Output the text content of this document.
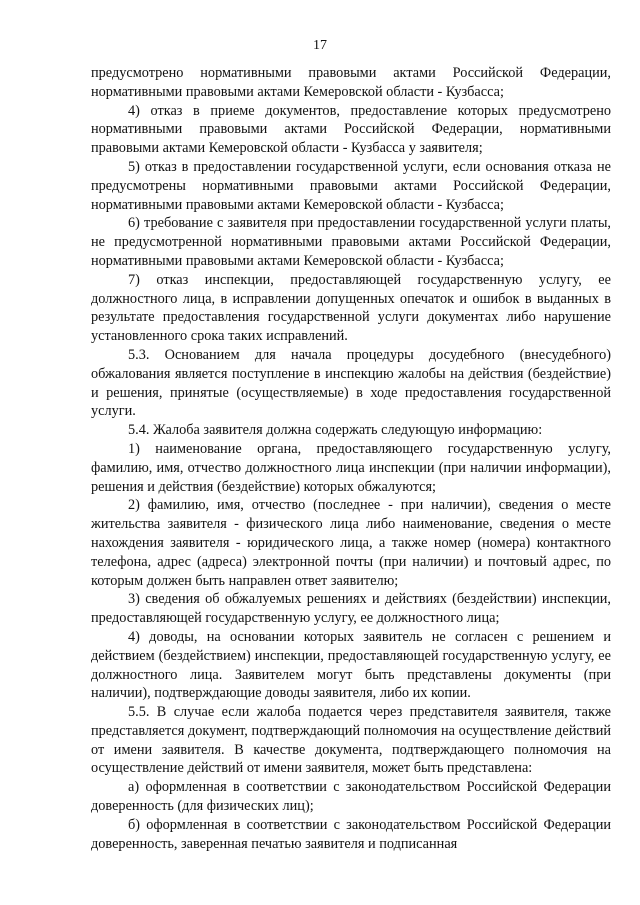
17

предусмотрено нормативными правовыми актами Российской Федерации, нормативными правовыми актами Кемеровской области - Кузбасса;

4) отказ в приеме документов, предоставление которых предусмотрено нормативными правовыми актами Российской Федерации, нормативными правовыми актами Кемеровской области - Кузбасса у заявителя;

5) отказ в предоставлении государственной услуги, если основания отказа не предусмотрены нормативными правовыми актами Российской Федерации, нормативными правовыми актами Кемеровской области - Кузбасса;

6) требование с заявителя при предоставлении государственной услуги платы, не предусмотренной нормативными правовыми актами Российской Федерации, нормативными правовыми актами Кемеровской области - Кузбасса;

7) отказ инспекции, предоставляющей государственную услугу, ее должностного лица, в исправлении допущенных опечаток и ошибок в выданных в результате предоставления государственной услуги документах либо нарушение установленного срока таких исправлений.

5.3. Основанием для начала процедуры досудебного (внесудебного) обжалования является поступление в инспекцию жалобы на действия (бездействие) и решения, принятые (осуществляемые) в ходе предоставления государственной услуги.

5.4. Жалоба заявителя должна содержать следующую информацию:

1) наименование органа, предоставляющего государственную услугу, фамилию, имя, отчество должностного лица инспекции (при наличии информации), решения и действия (бездействие) которых обжалуются;

2) фамилию, имя, отчество (последнее - при наличии), сведения о месте жительства заявителя - физического лица либо наименование, сведения о месте нахождения заявителя - юридического лица, а также номер (номера) контактного телефона, адрес (адреса) электронной почты (при наличии) и почтовый адрес, по которым должен быть направлен ответ заявителю;

3) сведения об обжалуемых решениях и действиях (бездействии) инспекции, предоставляющей государственную услугу, ее должностного лица;

4) доводы, на основании которых заявитель не согласен с решением и действием (бездействием) инспекции, предоставляющей государственную услугу, ее должностного лица. Заявителем могут быть представлены документы (при наличии), подтверждающие доводы заявителя, либо их копии.

5.5. В случае если жалоба подается через представителя заявителя, также представляется документ, подтверждающий полномочия на осуществление действий от имени заявителя. В качестве документа, подтверждающего полномочия на осуществление действий от имени заявителя, может быть представлена:

а) оформленная в соответствии с законодательством Российской Федерации доверенность (для физических лиц);

б) оформленная в соответствии с законодательством Российской Федерации доверенность, заверенная печатью заявителя и подписанная
